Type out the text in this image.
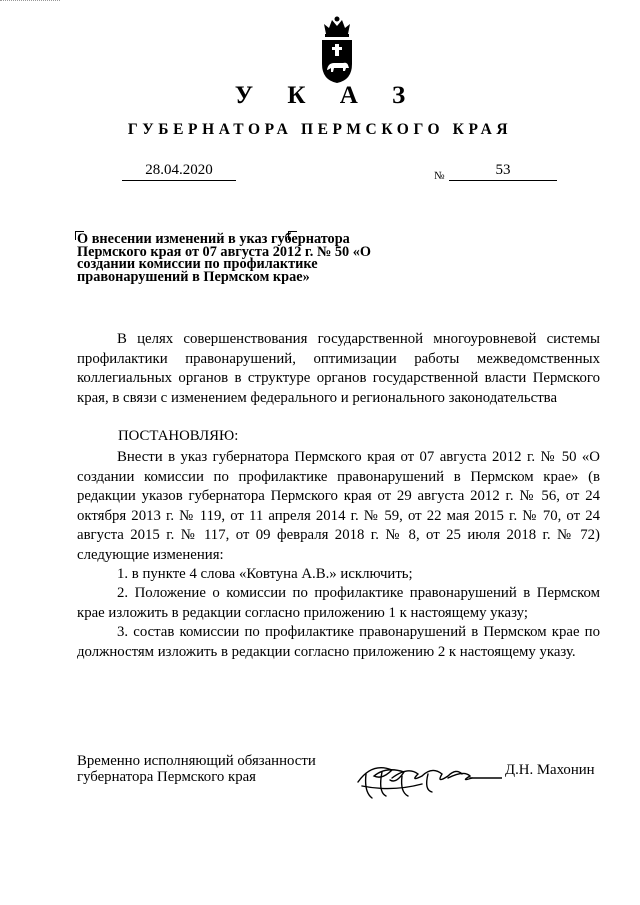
У К А З
ГУБЕРНАТОРА ПЕРМСКОГО КРАЯ
28.04.2020	№	53
О внесении изменений в указ губернатора Пермского края от 07 августа 2012 г. № 50 «О создании комиссии по профилактике правонарушений в Пермском крае»
В целях совершенствования государственной многоуровневой системы профилактики правонарушений, оптимизации работы межведомственных коллегиальных органов в структуре органов государственной власти Пермского края, в связи с изменением федерального и регионального законодательства
ПОСТАНОВЛЯЮ:
Внести в указ губернатора Пермского края от 07 августа 2012 г. № 50 «О создании комиссии по профилактике правонарушений в Пермском крае» (в редакции указов губернатора Пермского края от 29 августа 2012 г. № 56, от 24 октября 2013 г. № 119, от 11 апреля 2014 г. № 59, от 22 мая 2015 г. № 70, от 24 августа 2015 г. № 117, от 09 февраля 2018 г. № 8, от 25 июля 2018 г. № 72) следующие изменения:
1. в пункте 4 слова «Ковтуна А.В.» исключить;
2. Положение о комиссии по профилактике правонарушений в Пермском крае изложить в редакции согласно приложению 1 к настоящему указу;
3. состав комиссии по профилактике правонарушений в Пермском крае по должностям изложить в редакции согласно приложению 2 к настоящему указу.
Временно исполняющий обязанности
губернатора Пермского края	Д.Н. Махонин
